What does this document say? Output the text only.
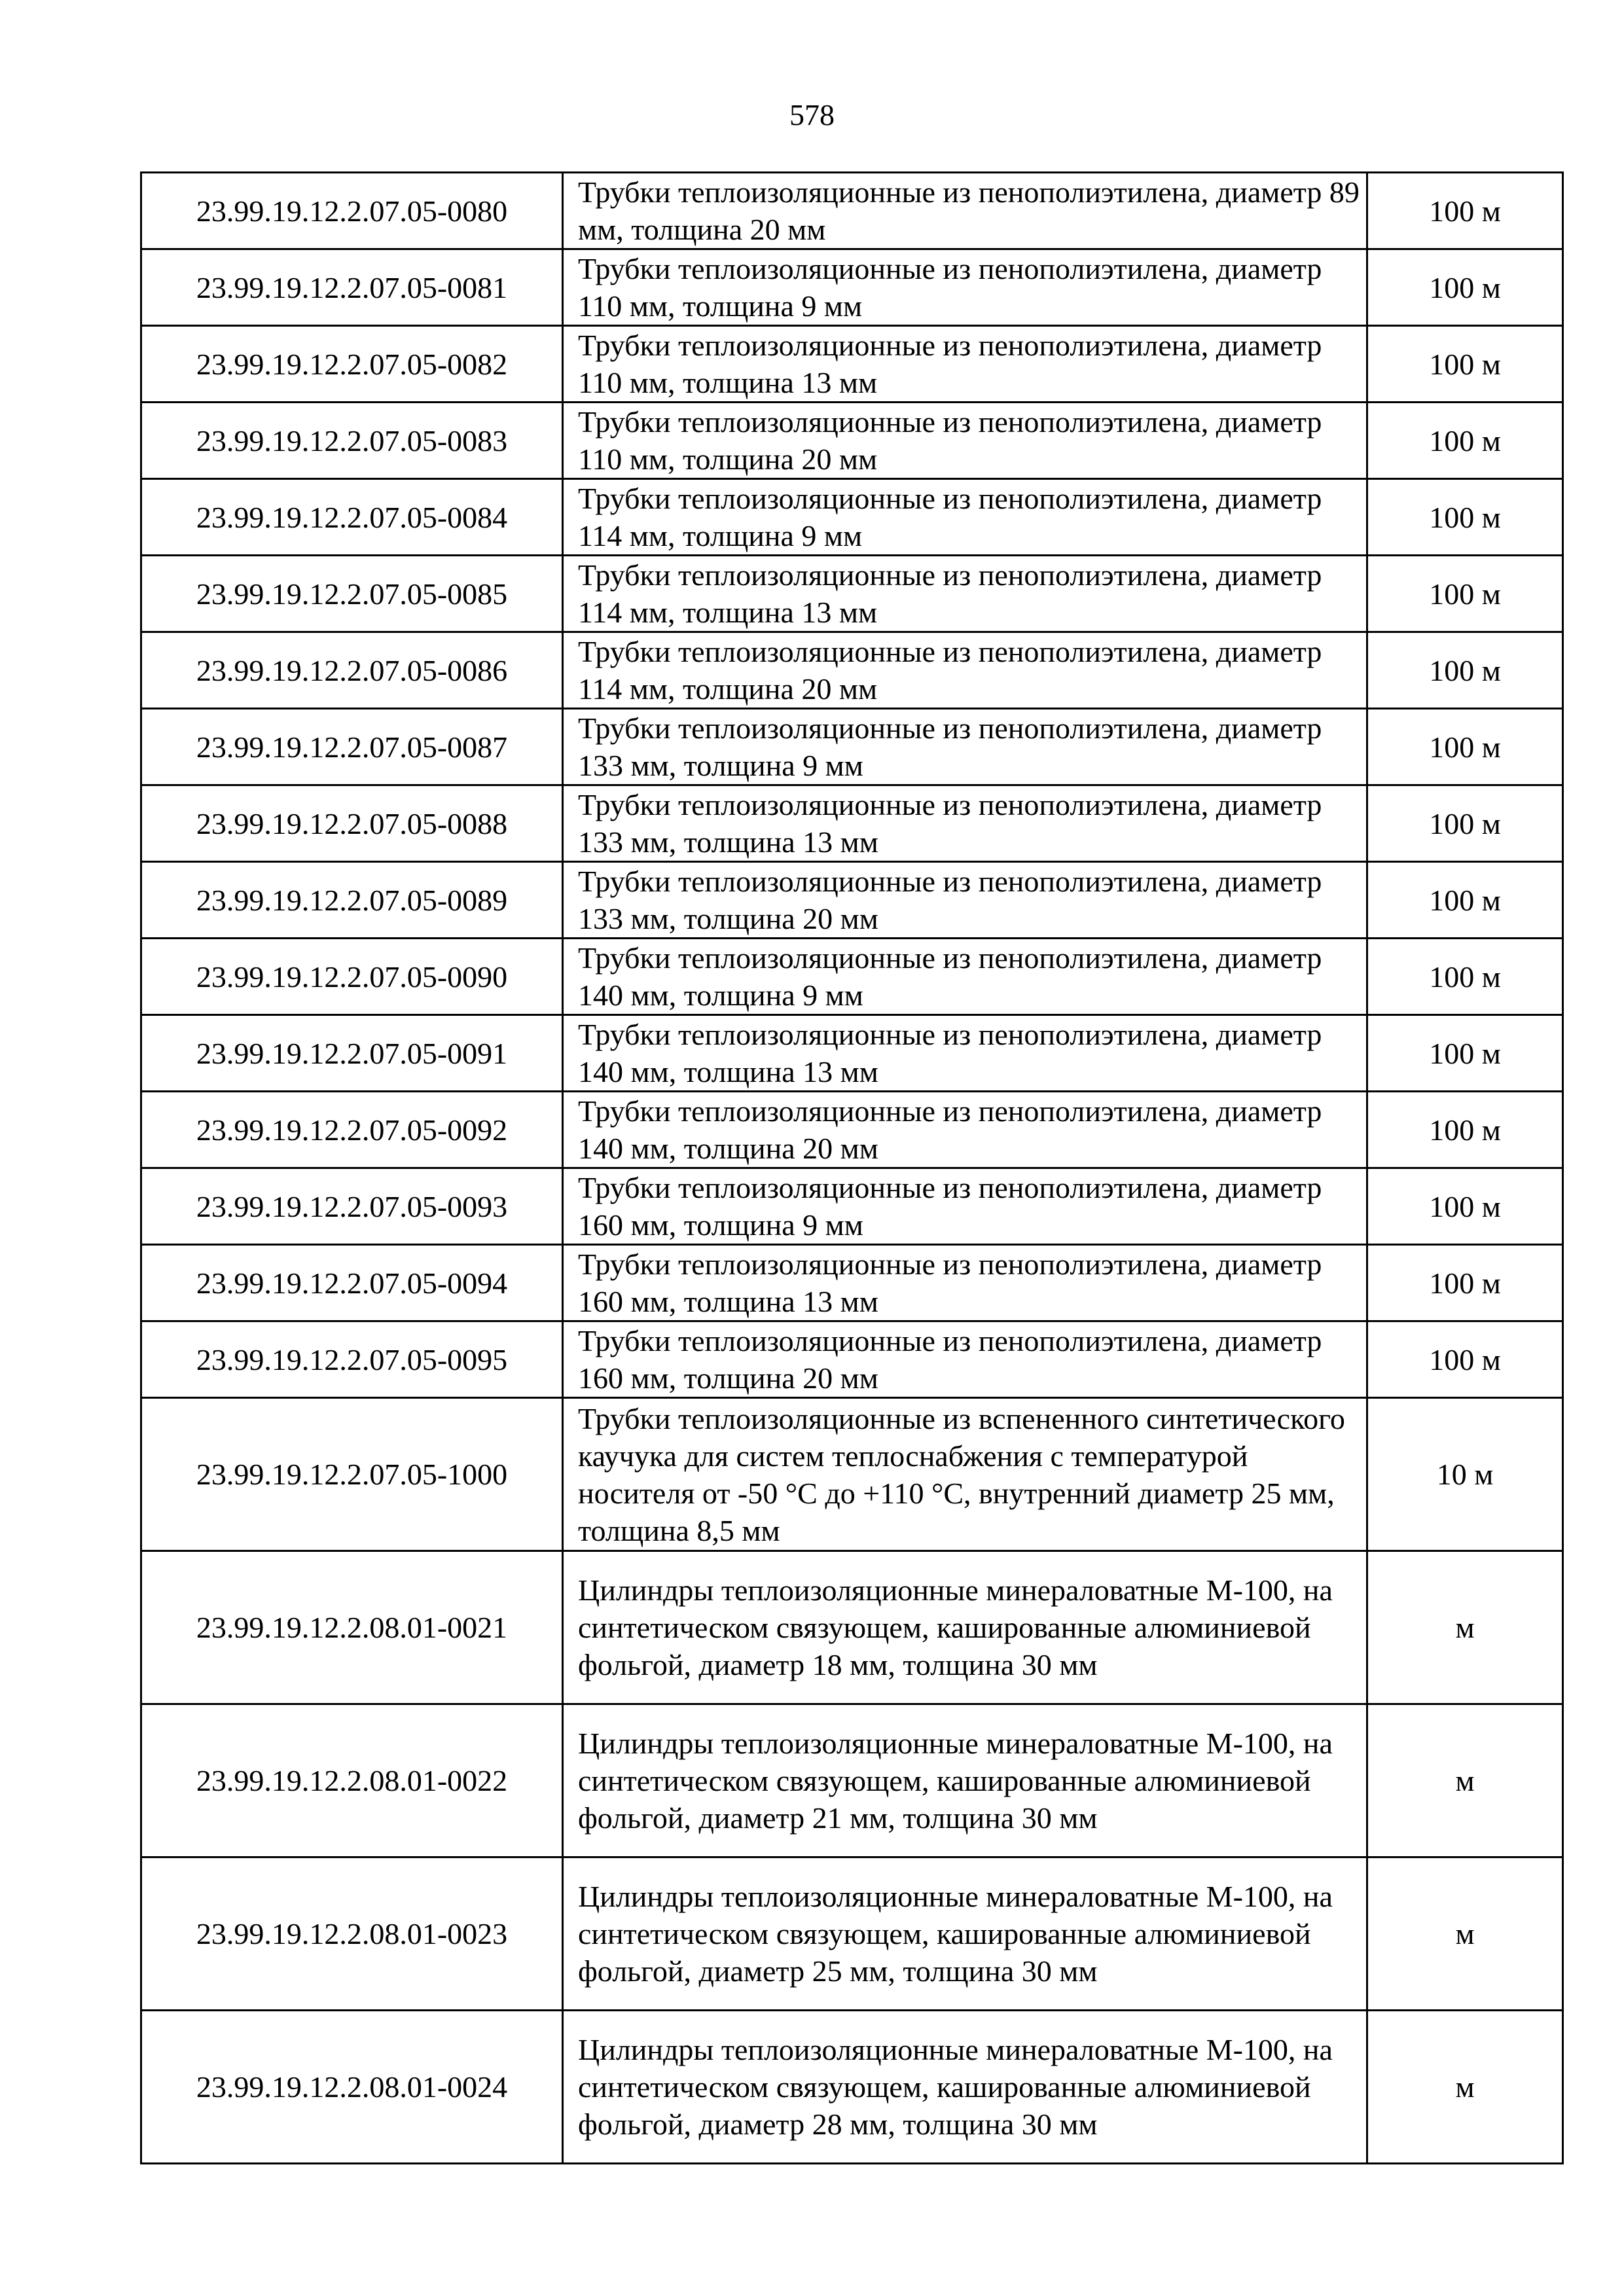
578
23.99.19.12.2.07.05-0080	Трубки теплоизоляционные из пенополиэтилена, диаметр 89 мм, толщина 20 мм	100 м
23.99.19.12.2.07.05-0081	Трубки теплоизоляционные из пенополиэтилена, диаметр 110 мм, толщина 9 мм	100 м
23.99.19.12.2.07.05-0082	Трубки теплоизоляционные из пенополиэтилена, диаметр 110 мм, толщина 13 мм	100 м
23.99.19.12.2.07.05-0083	Трубки теплоизоляционные из пенополиэтилена, диаметр 110 мм, толщина 20 мм	100 м
23.99.19.12.2.07.05-0084	Трубки теплоизоляционные из пенополиэтилена, диаметр 114 мм, толщина 9 мм	100 м
23.99.19.12.2.07.05-0085	Трубки теплоизоляционные из пенополиэтилена, диаметр 114 мм, толщина 13 мм	100 м
23.99.19.12.2.07.05-0086	Трубки теплоизоляционные из пенополиэтилена, диаметр 114 мм, толщина 20 мм	100 м
23.99.19.12.2.07.05-0087	Трубки теплоизоляционные из пенополиэтилена, диаметр 133 мм, толщина 9 мм	100 м
23.99.19.12.2.07.05-0088	Трубки теплоизоляционные из пенополиэтилена, диаметр 133 мм, толщина 13 мм	100 м
23.99.19.12.2.07.05-0089	Трубки теплоизоляционные из пенополиэтилена, диаметр 133 мм, толщина 20 мм	100 м
23.99.19.12.2.07.05-0090	Трубки теплоизоляционные из пенополиэтилена, диаметр 140 мм, толщина 9 мм	100 м
23.99.19.12.2.07.05-0091	Трубки теплоизоляционные из пенополиэтилена, диаметр 140 мм, толщина 13 мм	100 м
23.99.19.12.2.07.05-0092	Трубки теплоизоляционные из пенополиэтилена, диаметр 140 мм, толщина 20 мм	100 м
23.99.19.12.2.07.05-0093	Трубки теплоизоляционные из пенополиэтилена, диаметр 160 мм, толщина 9 мм	100 м
23.99.19.12.2.07.05-0094	Трубки теплоизоляционные из пенополиэтилена, диаметр 160 мм, толщина 13 мм	100 м
23.99.19.12.2.07.05-0095	Трубки теплоизоляционные из пенополиэтилена, диаметр 160 мм, толщина 20 мм	100 м
23.99.19.12.2.07.05-1000	Трубки теплоизоляционные из вспененного синтетического каучука для систем теплоснабжения с температурой носителя от -50 °С до +110 °С, внутренний диаметр 25 мм, толщина 8,5 мм	10 м
23.99.19.12.2.08.01-0021	Цилиндры теплоизоляционные минераловатные М-100, на синтетическом связующем, кашированные алюминиевой фольгой, диаметр 18 мм, толщина 30 мм	м
23.99.19.12.2.08.01-0022	Цилиндры теплоизоляционные минераловатные М-100, на синтетическом связующем, кашированные алюминиевой фольгой, диаметр 21 мм, толщина 30 мм	м
23.99.19.12.2.08.01-0023	Цилиндры теплоизоляционные минераловатные М-100, на синтетическом связующем, кашированные алюминиевой фольгой, диаметр 25 мм, толщина 30 мм	м
23.99.19.12.2.08.01-0024	Цилиндры теплоизоляционные минераловатные М-100, на синтетическом связующем, кашированные алюминиевой фольгой, диаметр 28 мм, толщина 30 мм	м
